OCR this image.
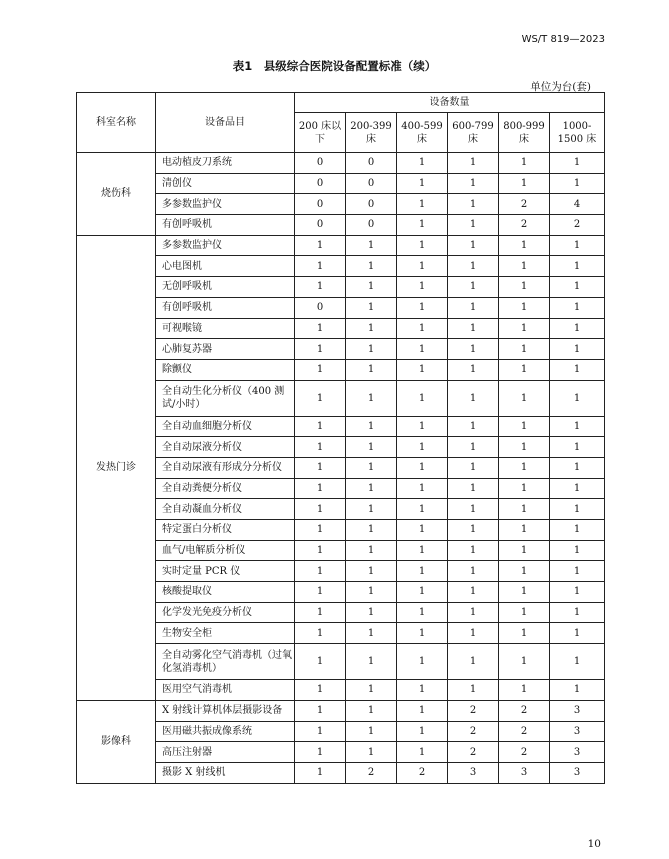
WS/T 819—2023
表1　县级综合医院设备配置标准（续）
单位为台(套)
科室名称	设备品目	设备数量					
		200 床以下	200-399 床	400-599 床	600-799 床	800-999 床	1000-1500 床
烧伤科	电动植皮刀系统	0	0	1	1	1	1
	清创仪	0	0	1	1	1	1
	多参数监护仪	0	0	1	1	2	4
	有创呼吸机	0	0	1	1	2	2
发热门诊	多参数监护仪	1	1	1	1	1	1
	心电图机	1	1	1	1	1	1
	无创呼吸机	1	1	1	1	1	1
	有创呼吸机	0	1	1	1	1	1
	可视喉镜	1	1	1	1	1	1
	心肺复苏器	1	1	1	1	1	1
	除颤仪	1	1	1	1	1	1
	全自动生化分析仪（400 测试/小时）	1	1	1	1	1	1
	全自动血细胞分析仪	1	1	1	1	1	1
	全自动尿液分析仪	1	1	1	1	1	1
	全自动尿液有形成分分析仪	1	1	1	1	1	1
	全自动粪便分析仪	1	1	1	1	1	1
	全自动凝血分析仪	1	1	1	1	1	1
	特定蛋白分析仪	1	1	1	1	1	1
	血气/电解质分析仪	1	1	1	1	1	1
	实时定量 PCR 仪	1	1	1	1	1	1
	核酸提取仪	1	1	1	1	1	1
	化学发光免疫分析仪	1	1	1	1	1	1
	生物安全柜	1	1	1	1	1	1
	全自动雾化空气消毒机（过氧化氢消毒机）	1	1	1	1	1	1
	医用空气消毒机	1	1	1	1	1	1
影像科	X 射线计算机体层摄影设备	1	1	1	2	2	3
	医用磁共振成像系统	1	1	1	2	2	3
	高压注射器	1	1	1	2	2	3
	摄影 X 射线机	1	2	2	3	3	3
10
